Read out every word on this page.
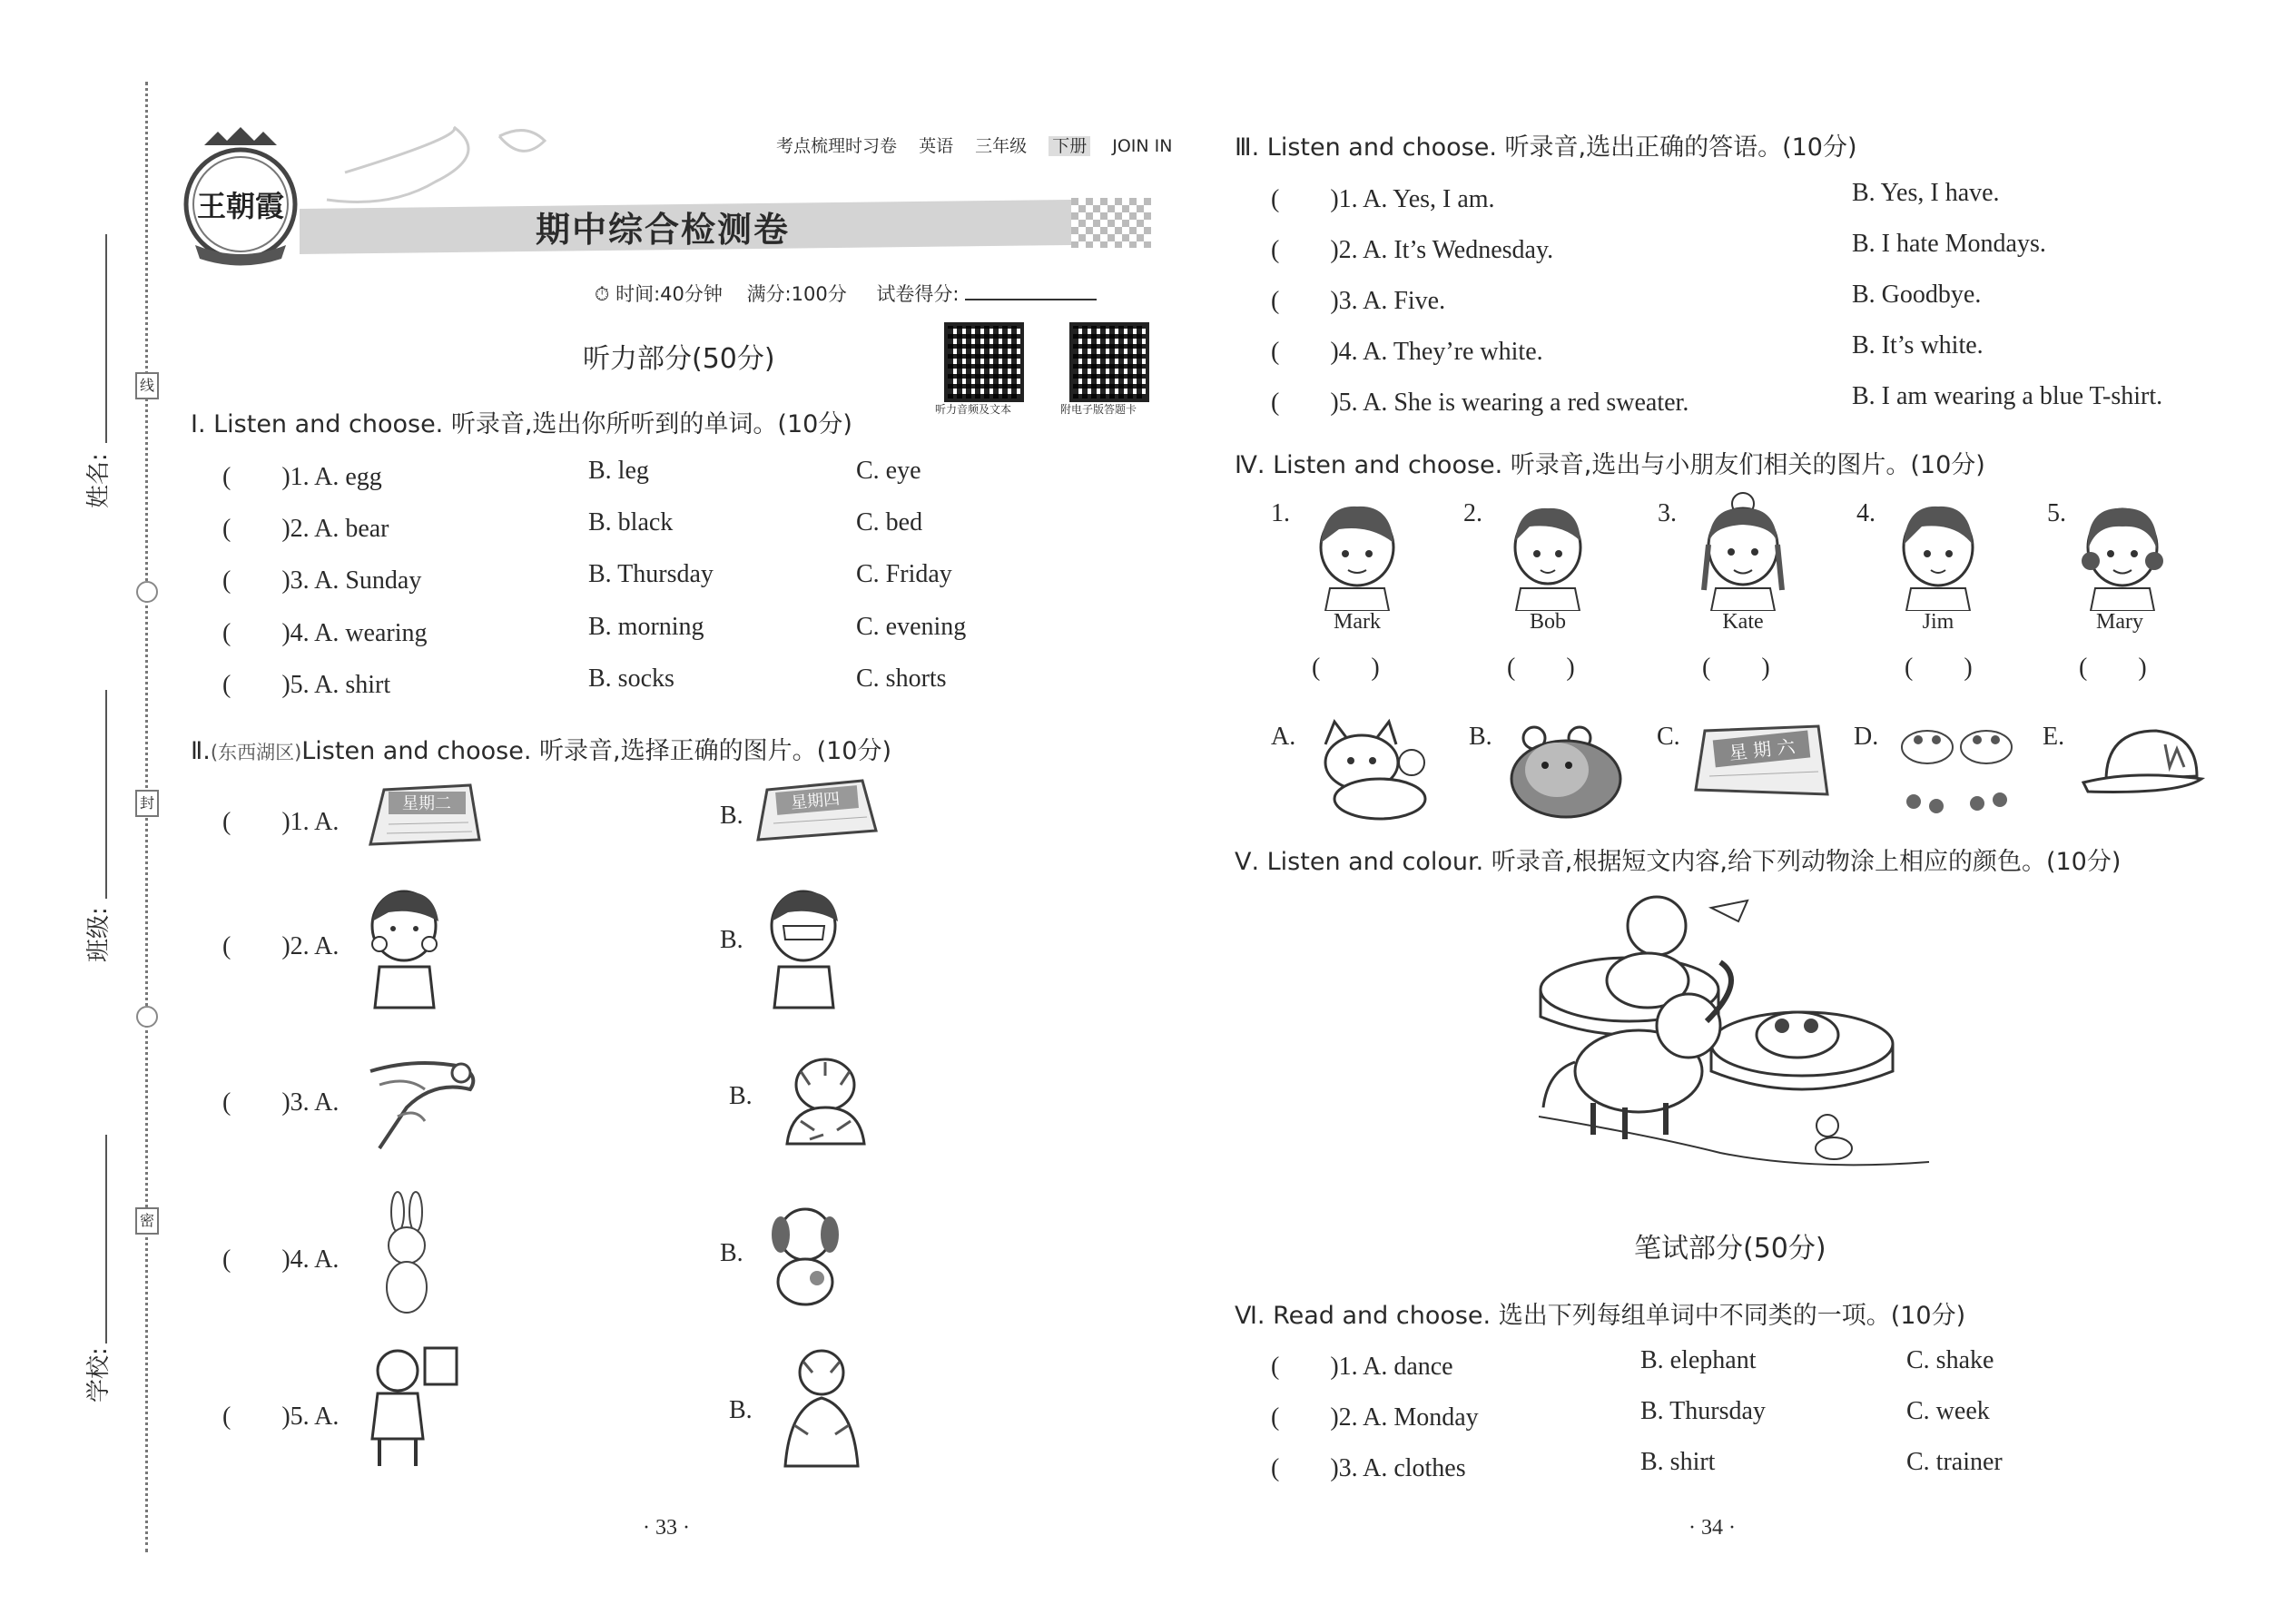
线
封
密
姓名:
班级:
学校:
王朝霞
考点梳理时习卷 英语 三年级 下册 JOIN IN
期中综合检测卷
⏱ 时间:40分钟 满分:100分 试卷得分:
听力音频及文本	附电子版答题卡
听力部分(50分)
Ⅰ. Listen and choose. 听录音,选出你所听到的单词。(10分)
(　　)1. A. egg	B. leg	C. eye
(　　)2. A. bear	B. black	C. bed
(　　)3. A. Sunday	B. Thursday	C. Friday
(　　)4. A. wearing	B. morning	C. evening
(　　)5. A. shirt	B. socks	C. shorts
Ⅱ.(东西湖区)Listen and choose. 听录音,选择正确的图片。(10分)
(　　)1. A.
星期二	B.
星期四
(　　)2. A.	B.
(　　)3. A.	B.
(　　)4. A.	B.
(　　)5. A.	B.
· 33 ·
Ⅲ. Listen and choose. 听录音,选出正确的答语。(10分)
(　　)1. A. Yes, I am.	B. Yes, I have.
(　　)2. A. It’s Wednesday.	B. I hate Mondays.
(　　)3. A. Five.	B. Goodbye.
(　　)4. A. They’re white.	B. It’s white.
(　　)5. A. She is wearing a red sweater.	B. I am wearing a blue T-shirt.
Ⅳ. Listen and choose. 听录音,选出与小朋友们相关的图片。(10分)
1.
Mark
(　　)
2.
Bob
(　　)
3.
Kate
(　　)
4.
Jim
(　　)
5.
Mary
(　　)
A.	B.	C.	星 期 六 D.	E.
Ⅴ. Listen and colour. 听录音,根据短文内容,给下列动物涂上相应的颜色。(10分)
笔试部分(50分)
Ⅵ. Read and choose. 选出下列每组单词中不同类的一项。(10分)
(　　)1. A. dance	B. elephant	C. shake
(　　)2. A. Monday	B. Thursday	C. week
(　　)3. A. clothes	B. shirt	C. trainer
· 34 ·
